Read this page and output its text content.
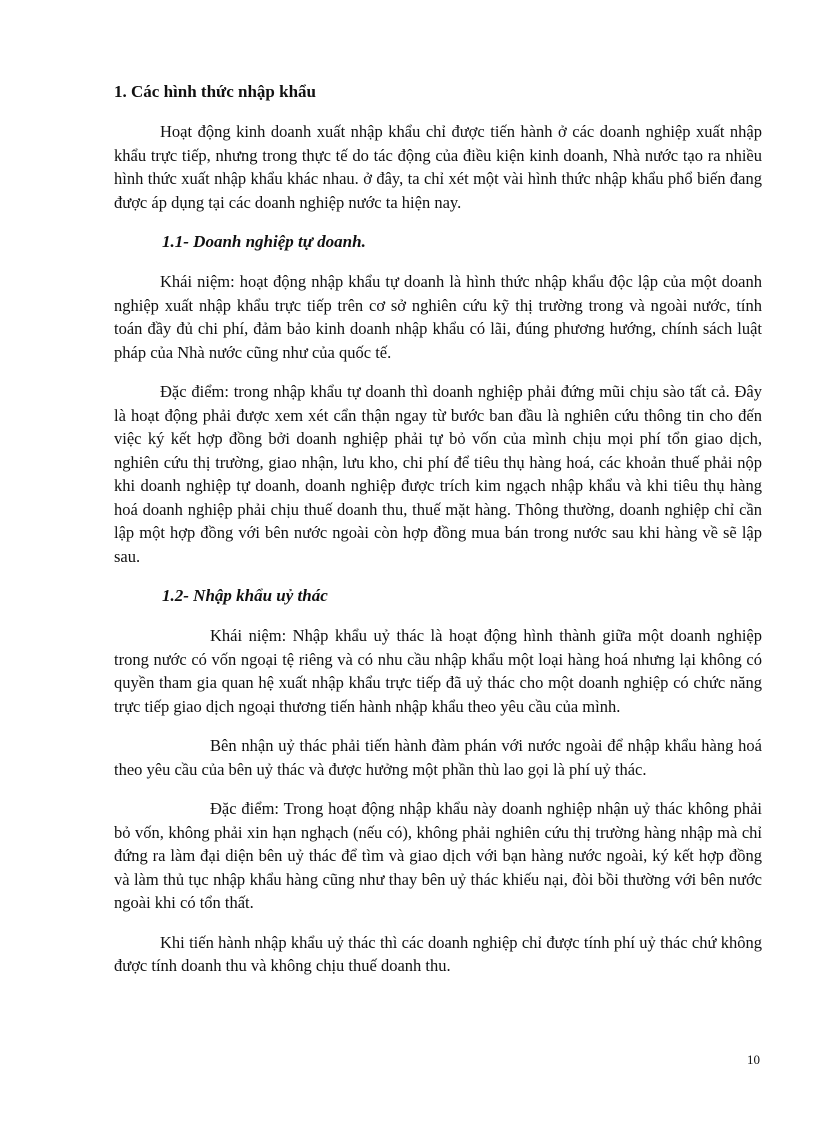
1. Các hình thức nhập khẩu

Hoạt động kinh doanh xuất nhập khẩu chỉ được tiến hành ở các doanh nghiệp xuất nhập khẩu trực tiếp, nhưng trong thực tế do tác động của điều kiện kinh doanh, Nhà nước tạo ra nhiều hình thức xuất nhập khẩu khác nhau. ở đây, ta chỉ xét một vài hình thức nhập khẩu phổ biến đang được áp dụng tại các doanh nghiệp nước ta hiện nay.

1.1- Doanh nghiệp tự doanh.

Khái niệm: hoạt động nhập khẩu tự doanh là hình thức nhập khẩu độc lập của một doanh nghiệp xuất nhập khẩu trực tiếp trên cơ sở nghiên cứu kỹ thị trường trong và ngoài nước, tính toán đầy đủ chi phí, đảm bảo kinh doanh nhập khẩu có lãi, đúng phương hướng, chính sách luật pháp của Nhà nước cũng như của quốc tế.

Đặc điểm: trong nhập khẩu tự doanh thì doanh nghiệp phải đứng mũi chịu sào tất cả. Đây là hoạt động phải được xem xét cẩn thận ngay từ bước ban đầu là nghiên cứu thông tin cho đến việc ký kết hợp đồng bởi doanh nghiệp phải tự bỏ vốn của mình chịu mọi phí tổn giao dịch, nghiên cứu thị trường, giao nhận, lưu kho, chi phí để tiêu thụ hàng hoá, các khoản thuế phải nộp khi doanh nghiệp tự doanh, doanh nghiệp được trích kim ngạch nhập khẩu và khi tiêu thụ hàng hoá doanh nghiệp phải chịu thuế doanh thu, thuế mặt hàng. Thông thường, doanh nghiệp chỉ cần lập một hợp đồng với bên nước ngoài còn hợp đồng mua bán trong nước sau khi hàng về sẽ lập sau.

1.2- Nhập khẩu uỷ thác

Khái niệm: Nhập khẩu uỷ thác là hoạt động hình thành giữa một doanh nghiệp trong nước có vốn ngoại tệ riêng và có nhu cầu nhập khẩu một loại hàng hoá nhưng lại không có quyền tham gia quan hệ xuất nhập khẩu trực tiếp đã uỷ thác cho một doanh nghiệp có chức năng trực tiếp giao dịch ngoại thương tiến hành nhập khẩu theo yêu cầu của mình.

Bên nhận uỷ thác phải tiến hành đàm phán với nước ngoài để nhập khẩu hàng hoá theo yêu cầu của bên uỷ thác và được hưởng một phần thù lao gọi là phí uỷ thác.

Đặc điểm: Trong hoạt động nhập khẩu này doanh nghiệp nhận uỷ thác không phải bỏ vốn, không phải xin hạn nghạch (nếu có), không phải nghiên cứu thị trường hàng nhập mà chỉ đứng ra làm đại diện bên uỷ thác để tìm và giao dịch với bạn hàng nước ngoài, ký kết hợp đồng và làm thủ tục nhập khẩu hàng cũng như thay bên uỷ thác khiếu nại, đòi bồi thường với bên nước ngoài khi có tổn thất.

Khi tiến hành nhập khẩu uỷ thác thì các doanh nghiệp chỉ được tính phí uỷ thác chứ không được tính doanh thu và không chịu thuế doanh thu.

10
